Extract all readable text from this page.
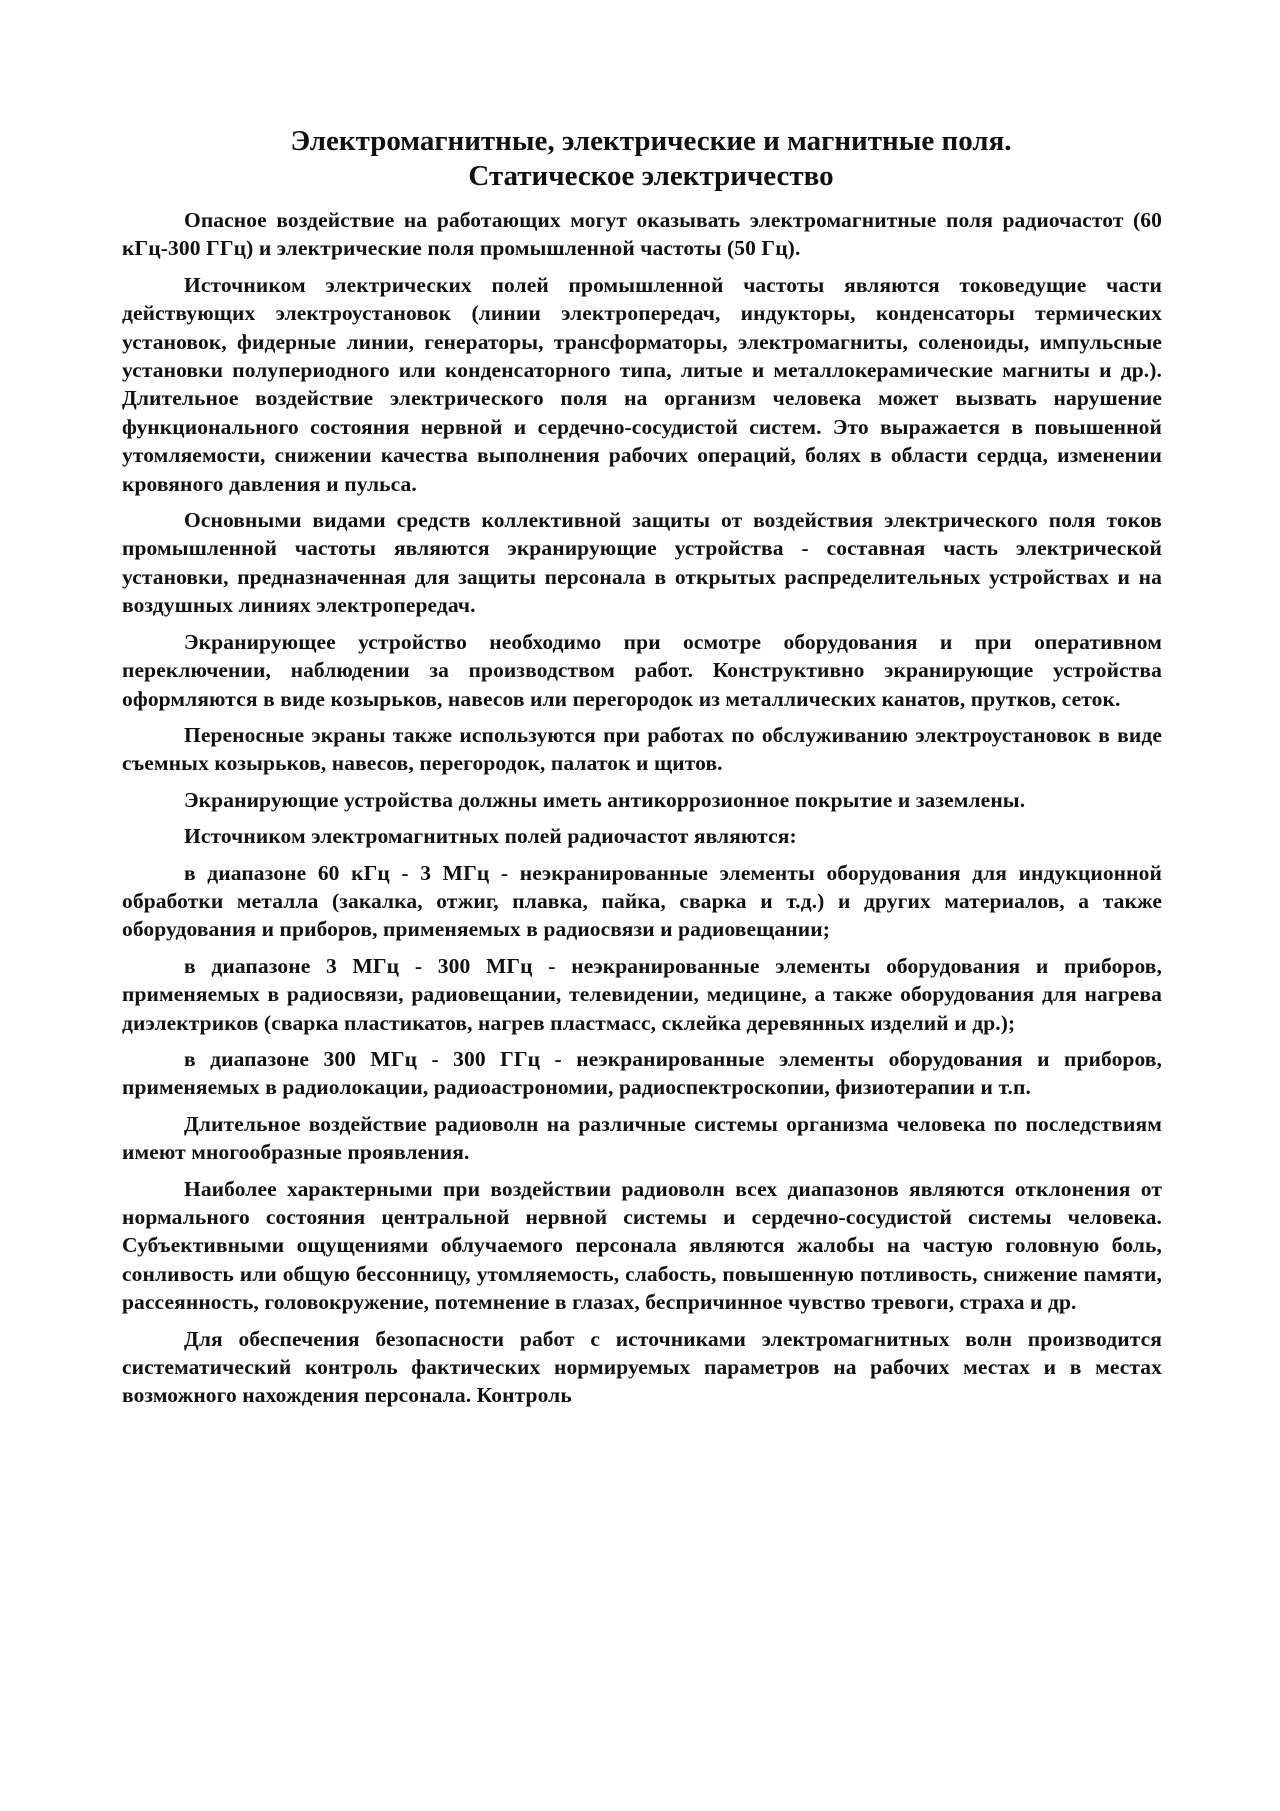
Электромагнитные, электрические и магнитные поля.
Статическое электричество

Опасное воздействие на работающих могут оказывать электромагнитные поля радиочастот (60 кГц-300 ГГц) и электрические поля промышленной частоты (50 Гц).

Источником электрических полей промышленной частоты являются токоведущие части действующих электроустановок (линии электропередач, индукторы, конденсаторы термических установок, фидерные линии, генераторы, трансформаторы, электромагниты, соленоиды, импульсные установки полупериодного или конденсаторного типа, литые и металлокерамические магниты и др.). Длительное воздействие электрического поля на организм человека может вызвать нарушение функционального состояния нервной и сердечно-сосудистой систем. Это выражается в повышенной утомляемости, снижении качества выполнения рабочих операций, болях в области сердца, изменении кровяного давления и пульса.

Основными видами средств коллективной защиты от воздействия электрического поля токов промышленной частоты являются экранирующие устройства - составная часть электрической установки, предназначенная для защиты персонала в открытых распределительных устройствах и на воздушных линиях электропередач.

Экранирующее устройство необходимо при осмотре оборудования и при оперативном переключении, наблюдении за производством работ. Конструктивно экранирующие устройства оформляются в виде козырьков, навесов или перегородок из металлических канатов, прутков, сеток.

Переносные экраны также используются при работах по обслуживанию электроустановок в виде съемных козырьков, навесов, перегородок, палаток и щитов.

Экранирующие устройства должны иметь антикоррозионное покрытие и заземлены.

Источником электромагнитных полей радиочастот являются:

в диапазоне 60 кГц - 3 МГц - неэкранированные элементы оборудования для индукционной обработки металла (закалка, отжиг, плавка, пайка, сварка и т.д.) и других материалов, а также оборудования и приборов, применяемых в радиосвязи и радиовещании;

в диапазоне 3 МГц - 300 МГц - неэкранированные элементы оборудования и приборов, применяемых в радиосвязи, радиовещании, телевидении, медицине, а также оборудования для нагрева диэлектриков (сварка пластикатов, нагрев пластмасс, склейка деревянных изделий и др.);

в диапазоне 300 МГц - 300 ГГц - неэкранированные элементы оборудования и приборов, применяемых в радиолокации, радиоастрономии, радиоспектроскопии, физиотерапии и т.п.

Длительное воздействие радиоволн на различные системы организма человека по последствиям имеют многообразные проявления.

Наиболее характерными при воздействии радиоволн всех диапазонов являются отклонения от нормального состояния центральной нервной системы и сердечно-сосудистой системы человека. Субъективными ощущениями облучаемого персонала являются жалобы на частую головную боль, сонливость или общую бессонницу, утомляемость, слабость, повышенную потливость, снижение памяти, рассеянность, головокружение, потемнение в глазах, беспричинное чувство тревоги, страха и др.

Для обеспечения безопасности работ с источниками электромагнитных волн производится систематический контроль фактических нормируемых параметров на рабочих местах и в местах возможного нахождения персонала. Контроль
